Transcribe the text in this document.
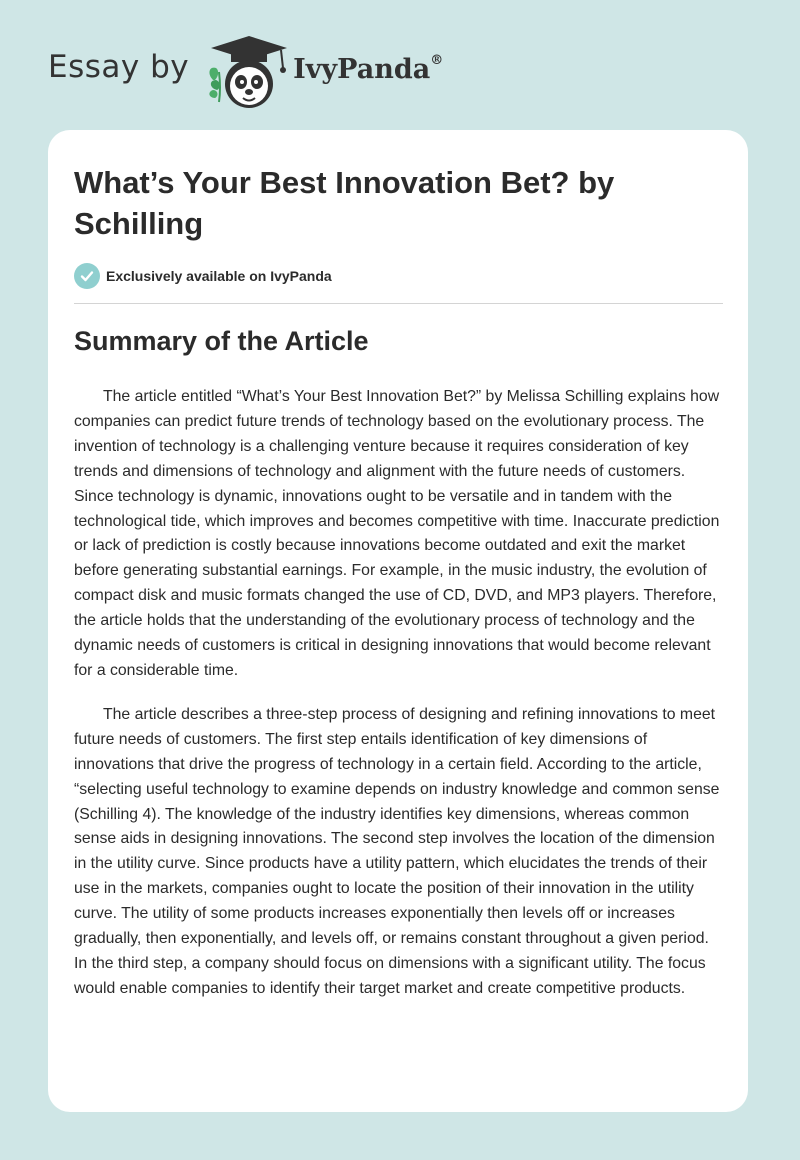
Essay by	IvyPanda®
What’s Your Best Innovation Bet? by Schilling
Exclusively available on IvyPanda
Summary of the Article

The article entitled “What’s Your Best Innovation Bet?” by Melissa Schilling explains how companies can predict future trends of technology based on the evolutionary process. The invention of technology is a challenging venture because it requires consideration of key trends and dimensions of technology and alignment with the future needs of customers. Since technology is dynamic, innovations ought to be versatile and in tandem with the technological tide, which improves and becomes competitive with time. Inaccurate prediction or lack of prediction is costly because innovations become outdated and exit the market before generating substantial earnings. For example, in the music industry, the evolution of compact disk and music formats changed the use of CD, DVD, and MP3 players. Therefore, the article holds that the understanding of the evolutionary process of technology and the dynamic needs of customers is critical in designing innovations that would become relevant for a considerable time.

The article describes a three-step process of designing and refining innovations to meet future needs of customers. The first step entails identification of key dimensions of innovations that drive the progress of technology in a certain field. According to the article, “selecting useful technology to examine depends on industry knowledge and common sense (Schilling 4). The knowledge of the industry identifies key dimensions, whereas common sense aids in designing innovations. The second step involves the location of the dimension in the utility curve. Since products have a utility pattern, which elucidates the trends of their use in the markets, companies ought to locate the position of their innovation in the utility curve. The utility of some products increases exponentially then levels off or increases gradually, then exponentially, and levels off, or remains constant throughout a given period. In the third step, a company should focus on dimensions with a significant utility. The focus would enable companies to identify their target market and create competitive products.
